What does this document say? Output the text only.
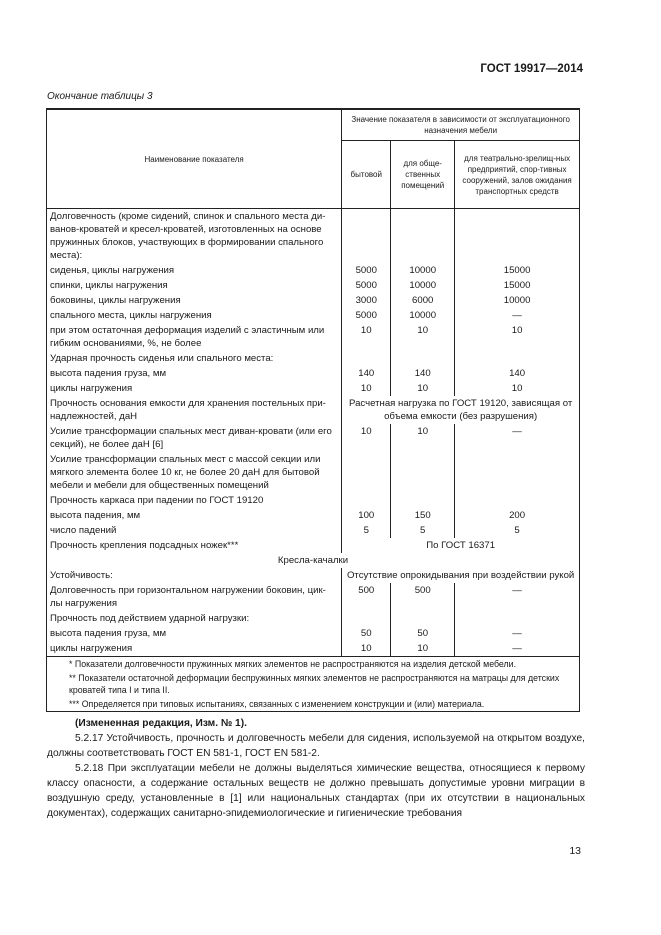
ГОСТ 19917—2014
Окончание таблицы 3
Наименование показателя	Значение показателя в зависимости от эксплуатационного назначения мебели		
	бытовой	для обще-ственных помещений	для театрально-зрелищ-ных предприятий, спор-тивных сооружений, залов ожидания транспортных средств
Долговечность (кроме сидений, спинок и спального места ди-ванов-кроватей и кресел-кроватей, изготовленных на основе пружинных блоков, участвующих в формировании спального места):			
сиденья, циклы нагружения	5000	10000	15000
спинки, циклы нагружения	5000	10000	15000
боковины, циклы нагружения	3000	6000	10000
спального места, циклы нагружения	5000	10000	—
при этом остаточная деформация изделий с эластичным или гибким основаниями, %, не более	10	10	10
Ударная прочность сиденья или спального места:			
высота падения груза, мм	140	140	140
циклы нагружения	10	10	10
Прочность основания емкости для хранения постельных при-надлежностей, даН	Расчетная нагрузка по ГОСТ 19120, зависящая от объема емкости (без разрушения)		
Усилие трансформации спальных мест диван-кровати (или его секций), не более даН [6]	10	10	—
Усилие трансформации спальных мест с массой секции или мягкого элемента более 10 кг, не более 20 даН для бытовой мебели и мебели для общественных помещений			
Прочность каркаса при падении по ГОСТ 19120			
высота падения, мм	100	150	200
число падений	5	5	5
Прочность крепления подсадных ножек***	По ГОСТ 16371		
Кресла-качалки			
Устойчивость:	Отсутствие опрокидывания при воздействии рукой		
Долговечность при горизонтальном нагружении боковин, цик-лы нагружения	500	500	—
Прочность под действием ударной нагрузки:			
высота падения груза, мм	50	50	—
циклы нагружения	10	10	—
* Показатели долговечности пружинных мягких элементов не распространяются на изделия детской мебели.			
** Показатели остаточной деформации беспружинных мягких элементов не распространяются на матрацы для детских кроватей типа I и типа II.			
*** Определяется при типовых испытаниях, связанных с изменением конструкции и (или) материала.			

(Измененная редакция, Изм. № 1).

5.2.17 Устойчивость, прочность и долговечность мебели для сидения, используемой на открытом воздухе, должны соответствовать ГОСТ EN 581-1, ГОСТ EN 581-2.

5.2.18 При эксплуатации мебели не должны выделяться химические вещества, относящиеся к первому классу опасности, а содержание остальных веществ не должно превышать допустимые уровни миграции в воздушную среду, установленные в [1] или национальных стандартах (при их отсутствии в национальных документах), содержащих санитарно-эпидемиологические и гигиенические требования

13
